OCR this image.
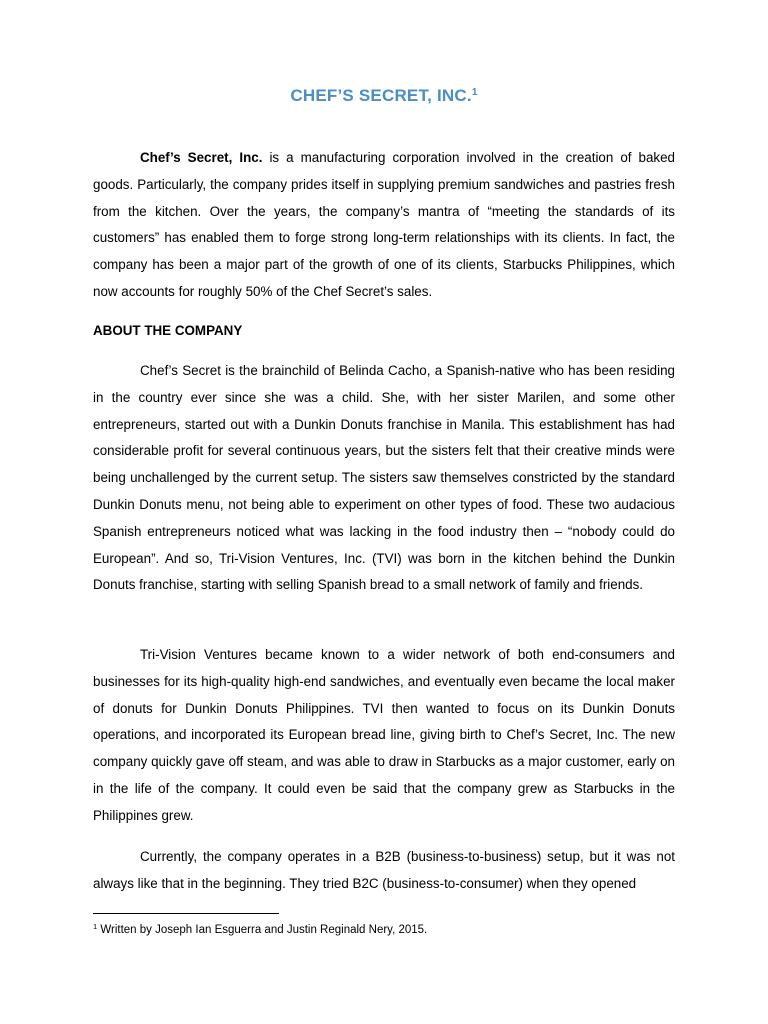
CHEF’S SECRET, INC.$^1$

Chef’s Secret, Inc. is a manufacturing corporation involved in the creation of baked goods. Particularly, the company prides itself in supplying premium sandwiches and pastries fresh from the kitchen. Over the years, the company’s mantra of “meeting the standards of its customers” has enabled them to forge strong long-term relationships with its clients. In fact, the company has been a major part of the growth of one of its clients, Starbucks Philippines, which now accounts for roughly 50% of the Chef Secret’s sales.

ABOUT THE COMPANY

Chef’s Secret is the brainchild of Belinda Cacho, a Spanish-native who has been residing in the country ever since she was a child. She, with her sister Marilen, and some other entrepreneurs, started out with a Dunkin Donuts franchise in Manila. This establishment has had considerable profit for several continuous years, but the sisters felt that their creative minds were being unchallenged by the current setup. The sisters saw themselves constricted by the standard Dunkin Donuts menu, not being able to experiment on other types of food. These two audacious Spanish entrepreneurs noticed what was lacking in the food industry then – “nobody could do European”. And so, Tri-Vision Ventures, Inc. (TVI) was born in the kitchen behind the Dunkin Donuts franchise, starting with selling Spanish bread to a small network of family and friends.

Tri-Vision Ventures became known to a wider network of both end-consumers and businesses for its high-quality high-end sandwiches, and eventually even became the local maker of donuts for Dunkin Donuts Philippines. TVI then wanted to focus on its Dunkin Donuts operations, and incorporated its European bread line, giving birth to Chef’s Secret, Inc. The new company quickly gave off steam, and was able to draw in Starbucks as a major customer, early on in the life of the company. It could even be said that the company grew as Starbucks in the Philippines grew.

Currently, the company operates in a B2B (business-to-business) setup, but it was not always like that in the beginning. They tried B2C (business-to-consumer) when they opened

$^1$ Written by Joseph Ian Esguerra and Justin Reginald Nery, 2015.
